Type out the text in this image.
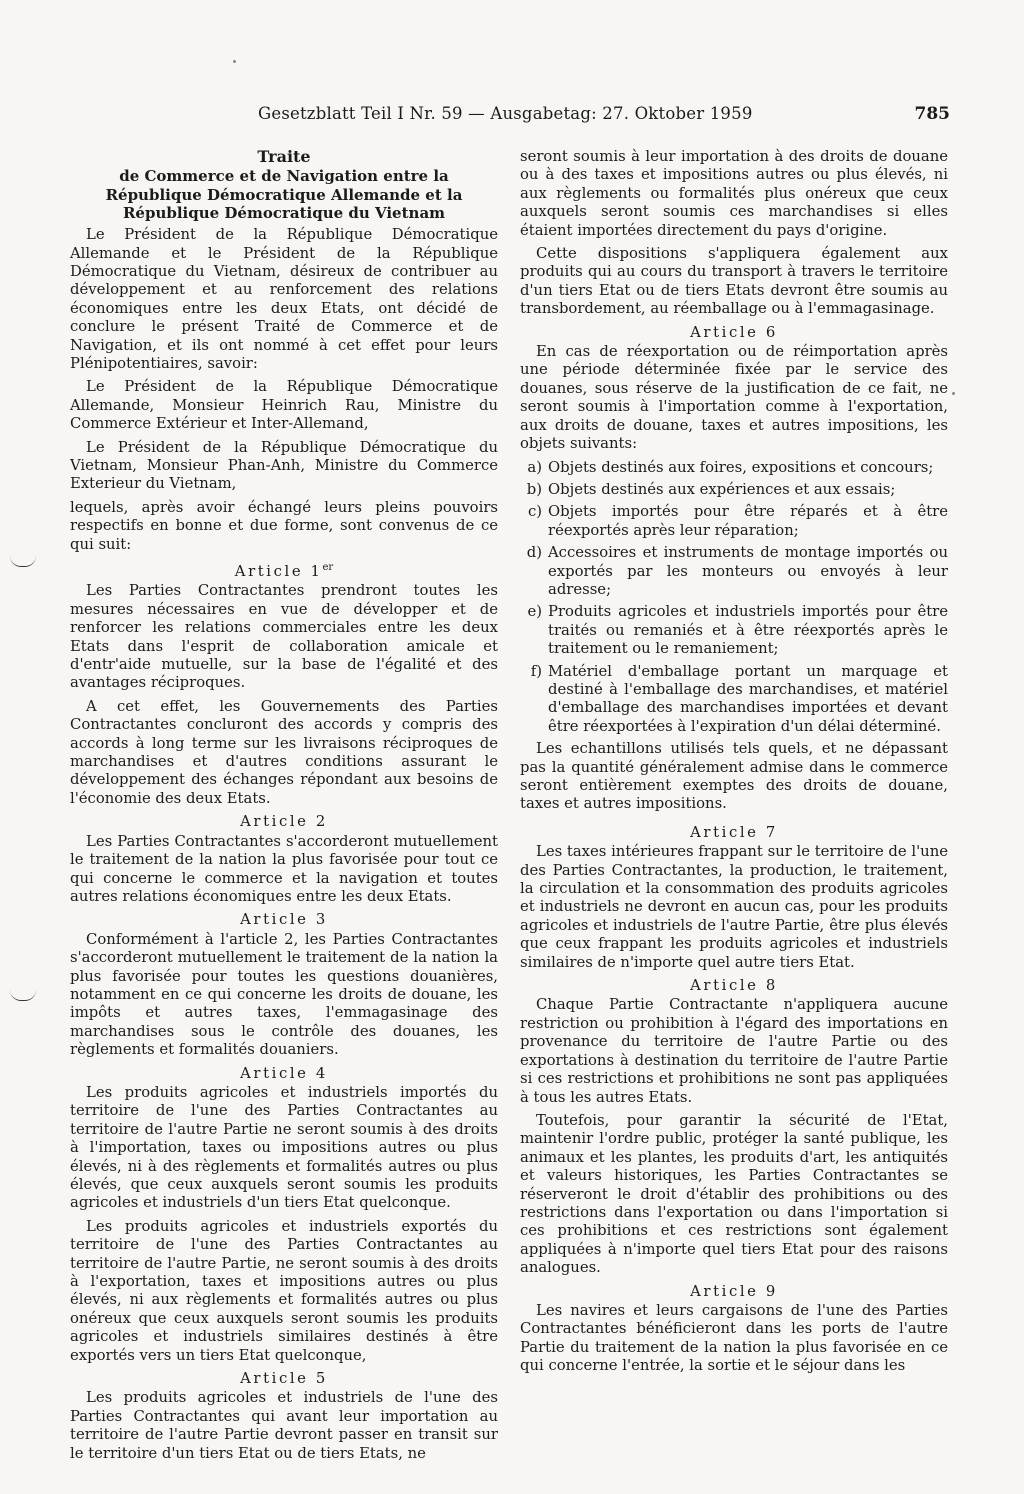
Gesetzblatt Teil I Nr. 59 — Ausgabetag: 27. Oktober 1959	785
Traite
de Commerce et de Navigation entre la
République Démocratique Allemande et la
République Démocratique du Vietnam

Le Président de la République Démocratique Allemande et le Président de la République Démocratique du Vietnam, désireux de contribuer au développement et au renforcement des relations économiques entre les deux Etats, ont décidé de conclure le présent Traité de Commerce et de Navigation, et ils ont nommé à cet effet pour leurs Plénipotentiaires, savoir:

Le Président de la République Démocratique Allemande, Monsieur Heinrich Rau, Ministre du Commerce Extérieur et Inter-Allemand,

Le Président de la République Démocratique du Vietnam, Monsieur Phan-Anh, Ministre du Commerce Exterieur du Vietnam,

lequels, après avoir échangé leurs pleins pouvoirs respectifs en bonne et due forme, sont convenus de ce qui suit:

Article 1er

Les Parties Contractantes prendront toutes les mesures nécessaires en vue de développer et de renforcer les relations commerciales entre les deux Etats dans l'esprit de collaboration amicale et d'entr'aide mutuelle, sur la base de l'égalité et des avantages réciproques.

A cet effet, les Gouvernements des Parties Contractantes concluront des accords y compris des accords à long terme sur les livraisons réciproques de marchandises et d'autres conditions assurant le développement des échanges répondant aux besoins de l'économie des deux Etats.

Article 2

Les Parties Contractantes s'accorderont mutuellement le traitement de la nation la plus favorisée pour tout ce qui concerne le commerce et la navigation et toutes autres relations économiques entre les deux Etats.

Article 3

Conformément à l'article 2, les Parties Contractantes s'accorderont mutuellement le traitement de la nation la plus favorisée pour toutes les questions douanières, notamment en ce qui concerne les droits de douane, les impôts et autres taxes, l'emmagasinage des marchandises sous le contrôle des douanes, les règlements et formalités douaniers.

Article 4

Les produits agricoles et industriels importés du territoire de l'une des Parties Contractantes au territoire de l'autre Partie ne seront soumis à des droits à l'importation, taxes ou impositions autres ou plus élevés, ni à des règlements et formalités autres ou plus élevés, que ceux auxquels seront soumis les produits agricoles et industriels d'un tiers Etat quelconque.

Les produits agricoles et industriels exportés du territoire de l'une des Parties Contractantes au territoire de l'autre Partie, ne seront soumis à des droits à l'exportation, taxes et impositions autres ou plus élevés, ni aux règlements et formalités autres ou plus onéreux que ceux auxquels seront soumis les produits agricoles et industriels similaires destinés à être exportés vers un tiers Etat quelconque,

Article 5

Les produits agricoles et industriels de l'une des Parties Contractantes qui avant leur importation au territoire de l'autre Partie devront passer en transit sur le territoire d'un tiers Etat ou de tiers Etats, ne

seront soumis à leur importation à des droits de douane ou à des taxes et impositions autres ou plus élevés, ni aux règlements ou formalités plus onéreux que ceux auxquels seront soumis ces marchandises si elles étaient importées directement du pays d'origine.

Cette dispositions s'appliquera également aux produits qui au cours du transport à travers le territoire d'un tiers Etat ou de tiers Etats devront être soumis au transbordement, au réemballage ou à l'emmagasinage.

Article 6

En cas de réexportation ou de réimportation après une période déterminée fixée par le service des douanes, sous réserve de la justification de ce fait, ne seront soumis à l'importation comme à l'exportation, aux droits de douane, taxes et autres impositions, les objets suivants:

a) Objets destinés aux foires, expositions et concours;
b) Objets destinés aux expériences et aux essais;
c) Objets importés pour être réparés et à être réexportés après leur réparation;
d) Accessoires et instruments de montage importés ou exportés par les monteurs ou envoyés à leur adresse;
e) Produits agricoles et industriels importés pour être traités ou remaniés et à être réexportés après le traitement ou le remaniement;
f) Matériel d'emballage portant un marquage et destiné à l'emballage des marchandises, et matériel d'emballage des marchandises importées et devant être réexportées à l'expiration d'un délai déterminé.

Les echantillons utilisés tels quels, et ne dépassant pas la quantité généralement admise dans le commerce seront entièrement exemptes des droits de douane, taxes et autres impositions.

Article 7

Les taxes intérieures frappant sur le territoire de l'une des Parties Contractantes, la production, le traitement, la circulation et la consommation des produits agricoles et industriels ne devront en aucun cas, pour les produits agricoles et industriels de l'autre Partie, être plus élevés que ceux frappant les produits agricoles et industriels similaires de n'importe quel autre tiers Etat.

Article 8

Chaque Partie Contractante n'appliquera aucune restriction ou prohibition à l'égard des importations en provenance du territoire de l'autre Partie ou des exportations à destination du territoire de l'autre Partie si ces restrictions et prohibitions ne sont pas appliquées à tous les autres Etats.

Toutefois, pour garantir la sécurité de l'Etat, maintenir l'ordre public, protéger la santé publique, les animaux et les plantes, les produits d'art, les antiquités et valeurs historiques, les Parties Contractantes se réserveront le droit d'établir des prohibitions ou des restrictions dans l'exportation ou dans l'importation si ces prohibitions et ces restrictions sont également appliquées à n'importe quel tiers Etat pour des raisons analogues.

Article 9

Les navires et leurs cargaisons de l'une des Parties Contractantes bénéficieront dans les ports de l'autre Partie du traitement de la nation la plus favorisée en ce qui concerne l'entrée, la sortie et le séjour dans les
